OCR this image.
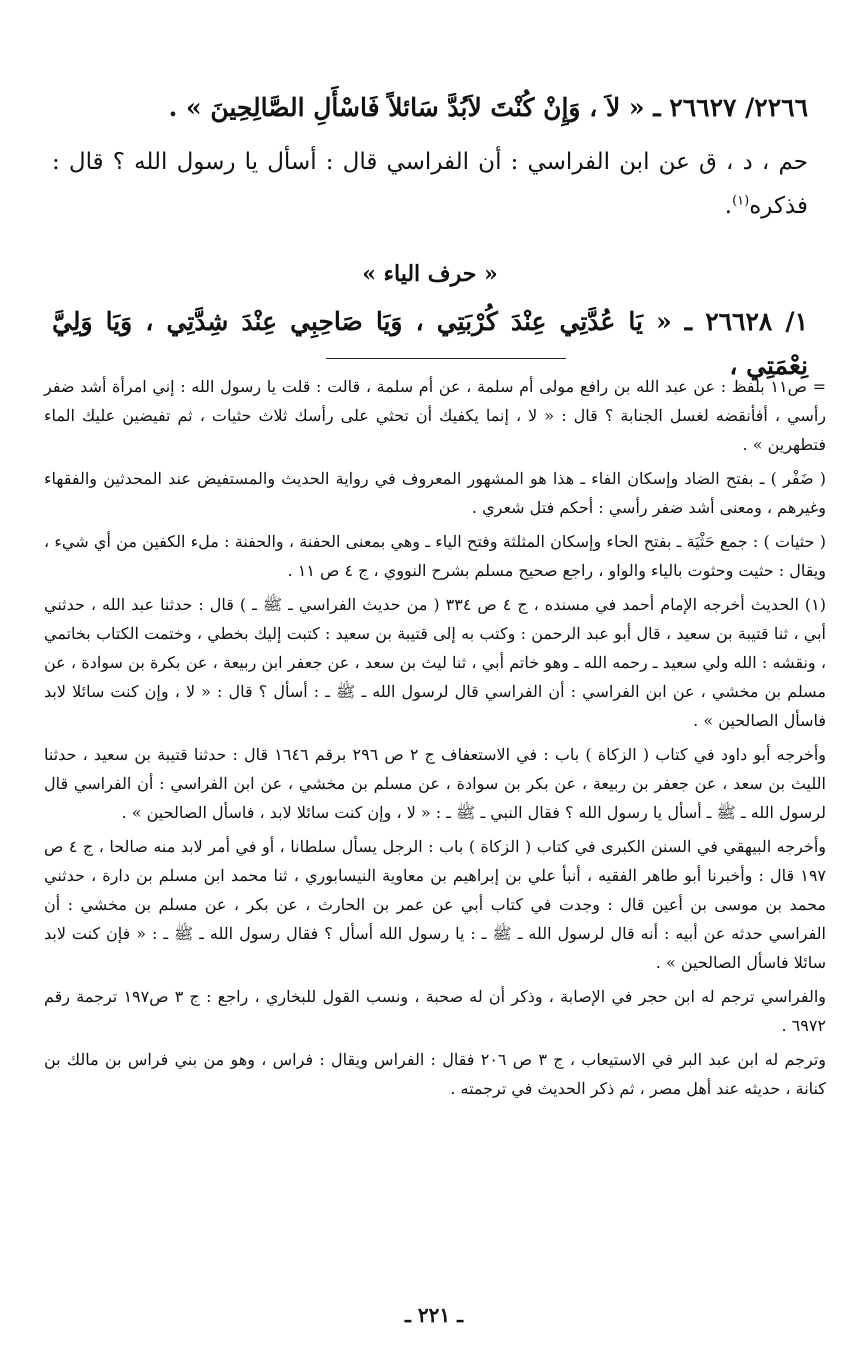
٢٢٦٦/ ٢٦٦٢٧ ـ « لاَ ، وَإِنْ كُنْتَ لاَبُدَّ سَائلاً فَاسْأَلِ الصَّالِحِينَ » .

حم ، د ، ق عن ابن الفراسي : أن الفراسي قال : أسأل يا رسول الله ؟ قال : فذكره$^{(١)}$.

« حرف الياء »

١/ ٢٦٦٢٨ ـ « يَا عُدَّتِي عِنْدَ كُرْبَتِي ، وَيَا صَاحِبِي عِنْدَ شِدَّتِي ، وَيَا وَلِيَّ نِعْمَتِي ،

= ص١١ بلفظ : عن عبد الله بن رافع مولى أم سلمة ، عن أم سلمة ، قالت : قلت يا رسول الله : إني امرأة أشد ضفر رأسي ، أفأنقضه لغسل الجنابة ؟ قال : « لا ، إنما يكفيك أن تحثي على رأسك ثلاث حثيات ، ثم تفيضين عليك الماء فتطهرين » .

( ضَفْر ) ـ بفتح الضاد وإسكان الفاء ـ هذا هو المشهور المعروف في رواية الحديث والمستفيض عند المحدثين والفقهاء وغيرهم ، ومعنى أشد ضفر رأسي : أحكم فتل شعري .

( حثيات ) : جمع حَثْيَة ـ بفتح الحاء وإسكان المثلثة وفتح الياء ـ وهي بمعنى الحفنة ، والحفنة : ملء الكفين من أي شيء ، ويقال : حثيت وحثوت بالياء والواو ، راجع صحيح مسلم بشرح النووي ، ج ٤ ص ١١ .

(١) الحديث أخرجه الإمام أحمد في مسنده ، ج ٤ ص ٣٣٤ ( من حديث الفراسي ـ ﷺ ـ ) قال : حدثنا عبد الله ، حدثني أبي ، ثنا قتيبة بن سعيد ، قال أبو عبد الرحمن : وكتب به إلى قتيبة بن سعيد : كتبت إليك بخطي ، وختمت الكتاب بخاتمي ، ونقشه : الله ولي سعيد ـ رحمه الله ـ وهو خاتم أبي ، ثنا ليث بن سعد ، عن جعفر ابن ربيعة ، عن بكرة بن سوادة ، عن مسلم بن مخشي ، عن ابن الفراسي : أن الفراسي قال لرسول الله ـ ﷺ ـ : أسأل ؟ قال : « لا ، وإن كنت سائلا لابد فاسأل الصالحين » .

وأخرجه أبو داود في كتاب ( الزكاة ) باب : في الاستعفاف ج ٢ ص ٢٩٦ برقم ١٦٤٦ قال : حدثنا قتيبة بن سعيد ، حدثنا الليث بن سعد ، عن جعفر بن ربيعة ، عن بكر بن سوادة ، عن مسلم بن مخشي ، عن ابن الفراسي : أن الفراسي قال لرسول الله ـ ﷺ ـ أسأل يا رسول الله ؟ فقال النبي ـ ﷺ ـ : « لا ، وإن كنت سائلا لابد ، فاسأل الصالحين » .

وأخرجه البيهقي في السنن الكبرى في كتاب ( الزكاة ) باب : الرجل يسأل سلطانا ، أو في أمر لابد منه صالحا ، ج ٤ ص ١٩٧ قال : وأخبرنا أبو طاهر الفقيه ، أنبأ علي بن إبراهيم بن معاوية النيسابوري ، ثنا محمد ابن مسلم بن دارة ، حدثني محمد بن موسى بن أعين قال : وجدت في كتاب أبي عن عمر بن الحارث ، عن بكر ، عن مسلم بن مخشي : أن الفراسي حدثه عن أبيه : أنه قال لرسول الله ـ ﷺ ـ : يا رسول الله أسأل ؟ فقال رسول الله ـ ﷺ ـ : « فإن كنت لابد سائلا فاسأل الصالحين » .

والفراسي ترجم له ابن حجر في الإصابة ، وذكر أن له صحبة ، ونسب القول للبخاري ، راجع : ج ٣ ص١٩٧ ترجمة رقم ٦٩٧٢ .

وترجم له ابن عبد البر في الاستيعاب ، ج ٣ ص ٢٠٦ فقال : الفراس ويقال : فراس ، وهو من بني فراس بن مالك بن كنانة ، حديثه عند أهل مصر ، ثم ذكر الحديث في ترجمته .

ـ ٢٢١ ـ
